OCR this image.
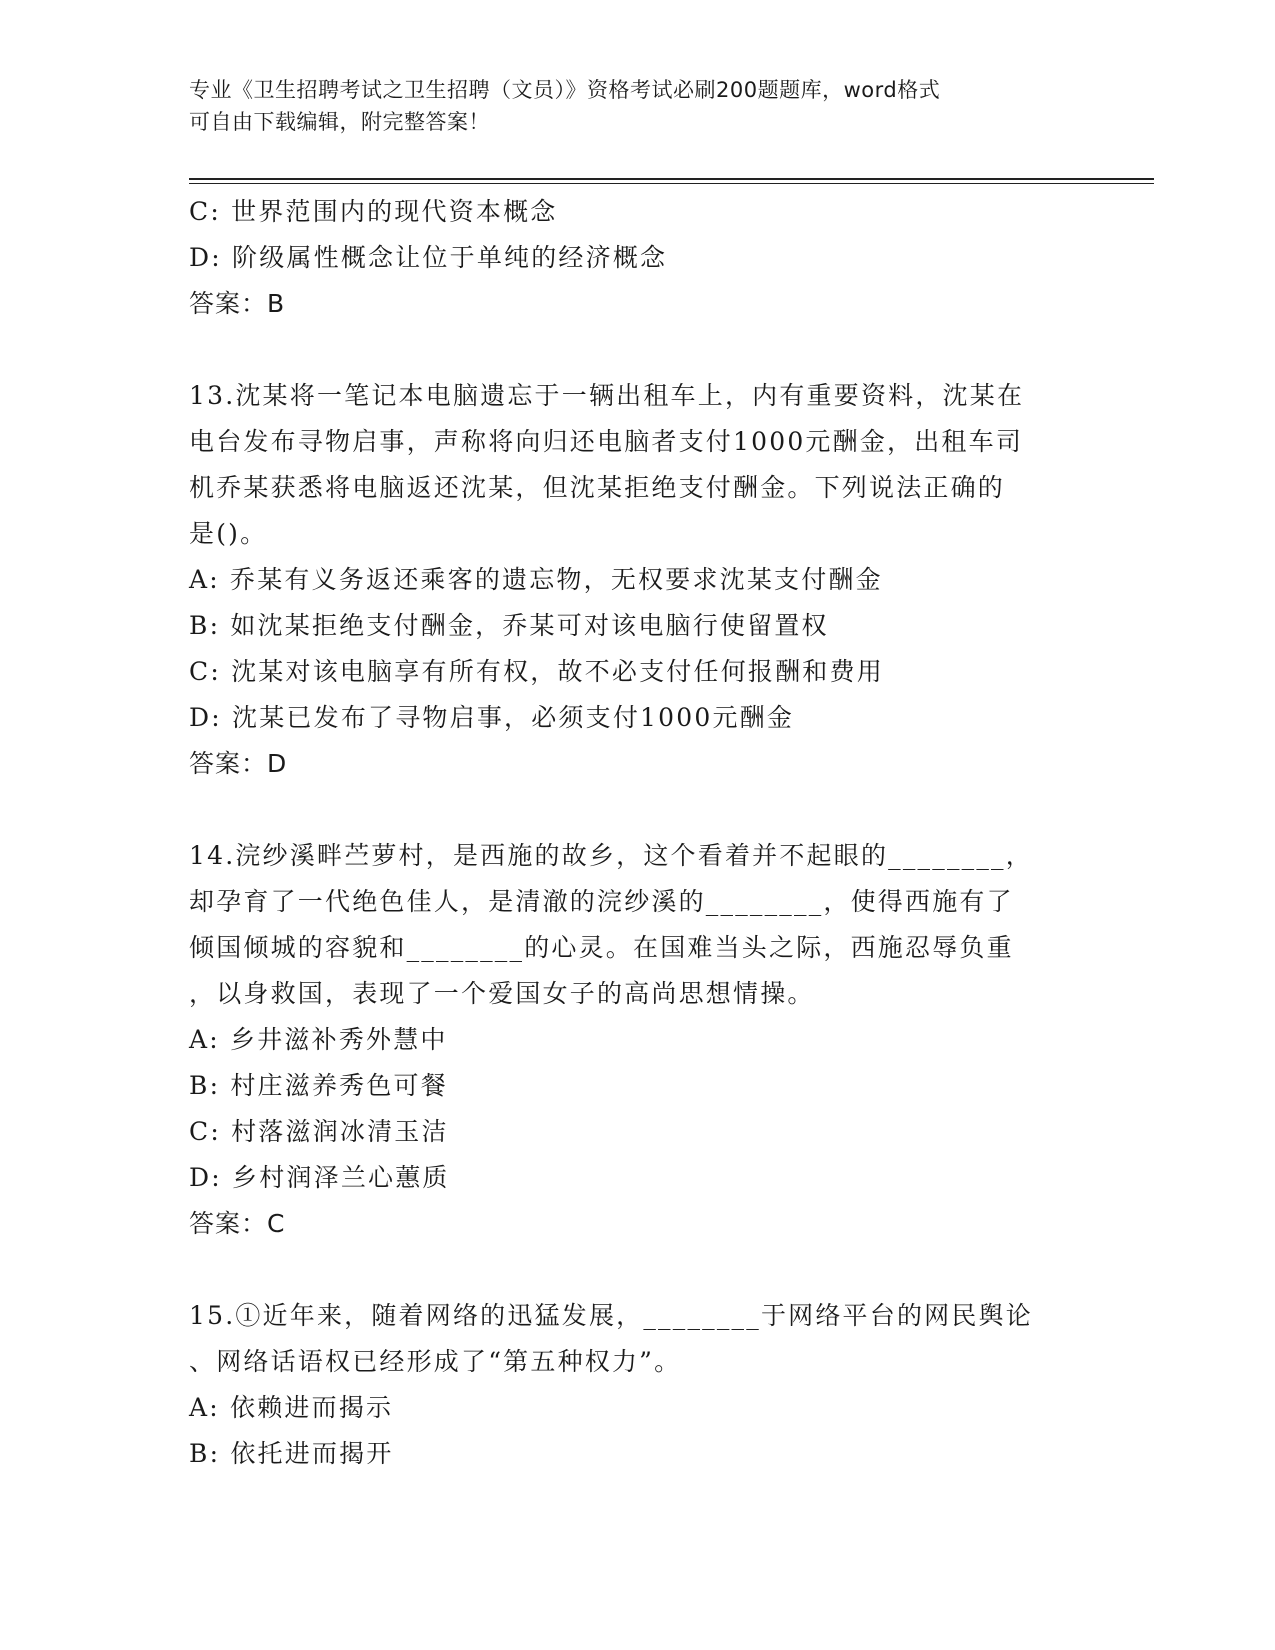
专业《卫生招聘考试之卫生招聘（文员）》资格考试必刷200题题库，word格式
可自由下载编辑，附完整答案！
C: 世界范围内的现代资本概念
D: 阶级属性概念让位于单纯的经济概念
答案：B
13.沈某将一笔记本电脑遗忘于一辆出租车上，内有重要资料，沈某在
电台发布寻物启事，声称将向归还电脑者支付1000元酬金，出租车司
机乔某获悉将电脑返还沈某，但沈某拒绝支付酬金。下列说法正确的
是()。
A: 乔某有义务返还乘客的遗忘物，无权要求沈某支付酬金
B: 如沈某拒绝支付酬金，乔某可对该电脑行使留置权
C: 沈某对该电脑享有所有权，故不必支付任何报酬和费用
D: 沈某已发布了寻物启事，必须支付1000元酬金
答案：D
14.浣纱溪畔苎萝村，是西施的故乡，这个看着并不起眼的________，
却孕育了一代绝色佳人，是清澈的浣纱溪的________，使得西施有了
倾国倾城的容貌和________的心灵。在国难当头之际，西施忍辱负重
，以身救国，表现了一个爱国女子的高尚思想情操。
A: 乡井滋补秀外慧中
B: 村庄滋养秀色可餐
C: 村落滋润冰清玉洁
D: 乡村润泽兰心蕙质
答案：C
15.①近年来，随着网络的迅猛发展，________于网络平台的网民舆论
、网络话语权已经形成了“第五种权力”。
A: 依赖进而揭示
B: 依托进而揭开
